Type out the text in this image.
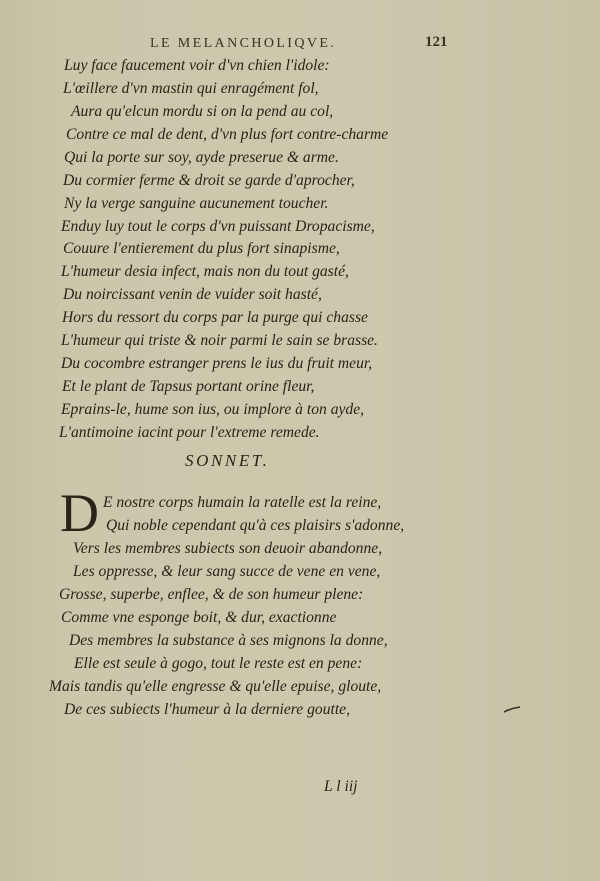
LE MELANCHOLIQVE.	121
Luy face faucement voir d'vn chien l'idole:
L'œillere d'vn mastin qui enragément fol,
Aura qu'elcun mordu si on la pend au col,
Contre ce mal de dent, d'vn plus fort contre-charme
Qui la porte sur soy, ayde preserue & arme.
Du cormier ferme & droit se garde d'aprocher,
Ny la verge sanguine aucunement toucher.
Enduy luy tout le corps d'vn puissant Dropacisme,
Couure l'entierement du plus fort sinapisme,
L'humeur desia infect, mais non du tout gasté,
Du noircissant venin de vuider soit hasté,
Hors du ressort du corps par la purge qui chasse
L'humeur qui triste & noir parmi le sain se brasse.
Du cocombre estranger prens le ius du fruit meur,
Et le plant de Tapsus portant orine fleur,
Eprains-le, hume son ius, ou implore à ton ayde,
L'antimoine iacint pour l'extreme remede.
SONNET.
D E nostre corps humain la ratelle est la reine,
Qui noble cependant qu'à ces plaisirs s'adonne,
Vers les membres subiects son deuoir abandonne,
Les oppresse, & leur sang succe de vene en vene,
Grosse, superbe, enflee, & de son humeur plene:
Comme vne esponge boit, & dur, exactionne
Des membres la substance à ses mignons la donne,
Elle est seule à gogo, tout le reste est en pene:
Mais tandis qu'elle engresse & qu'elle epuise, gloute,
De ces subiects l'humeur à la derniere goutte,
L l iij
